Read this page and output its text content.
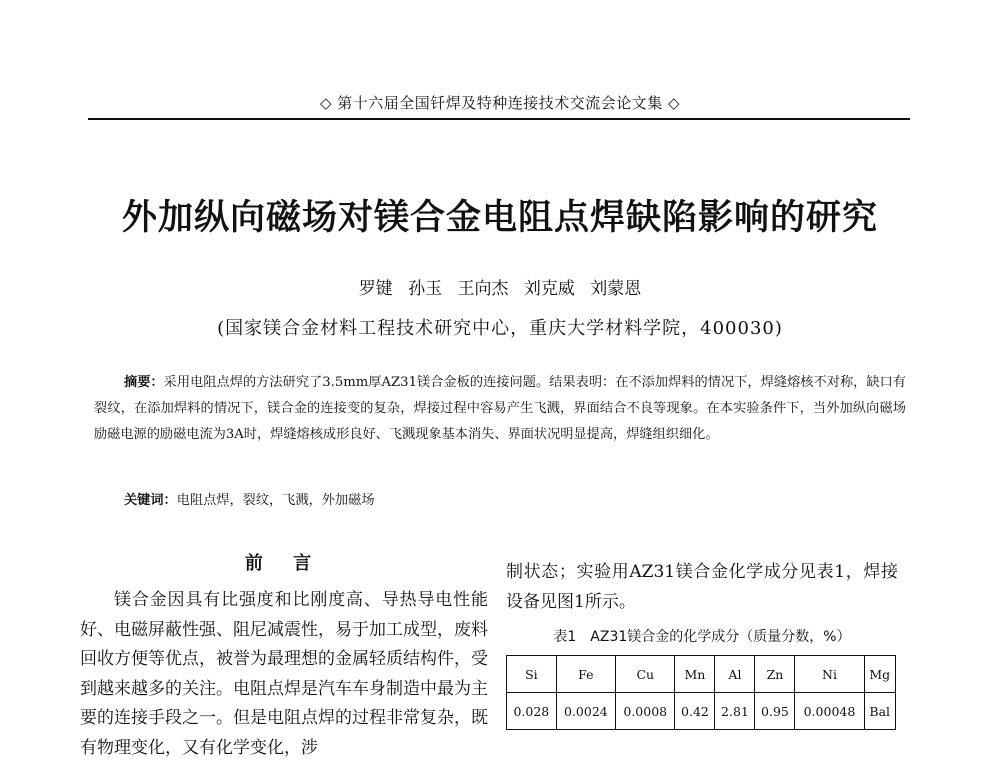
◇ 第十六届全国钎焊及特种连接技术交流会论文集 ◇
外加纵向磁场对镁合金电阻点焊缺陷影响的研究
罗键 孙玉 王向杰 刘克威 刘蒙恩
(国家镁合金材料工程技术研究中心，重庆大学材料学院，400030)
摘要：采用电阻点焊的方法研究了3.5mm厚AZ31镁合金板的连接问题。结果表明：在不添加焊料的情况下，焊缝熔核不对称，缺口有裂纹，在添加焊料的情况下，镁合金的连接变的复杂，焊接过程中容易产生飞溅，界面结合不良等现象。在本实验条件下，当外加纵向磁场励磁电源的励磁电流为3A时，焊缝熔核成形良好、飞溅现象基本消失、界面状况明显提高，焊缝组织细化。
关键词：电阻点焊，裂纹，飞溅，外加磁场
前 言
镁合金因具有比强度和比刚度高、导热导电性能好、电磁屏蔽性强、阻尼减震性，易于加工成型，废料回收方便等优点，被誉为最理想的金属轻质结构件，受到越来越多的关注。电阻点焊是汽车车身制造中最为主要的连接手段之一。但是电阻点焊的过程非常复杂，既有物理变化，又有化学变化，涉
制状态；实验用AZ31镁合金化学成分见表1，焊接设备见图1所示。
表1　AZ31镁合金的化学成分（质量分数，%）
Si	Fe	Cu	Mn	Al	Zn	Ni	Mg
0.028	0.0024	0.0008	0.42	2.81	0.95	0.00048	Bal
